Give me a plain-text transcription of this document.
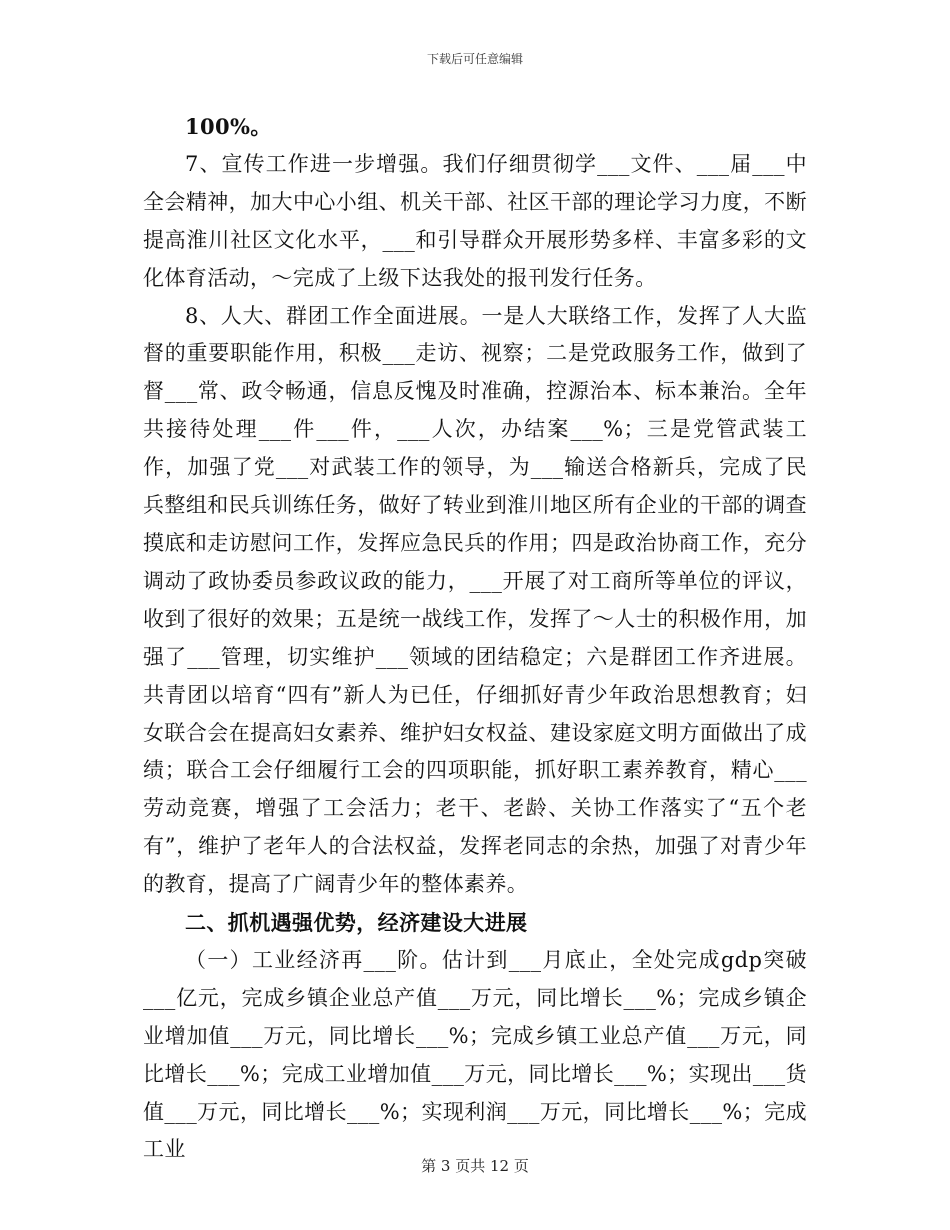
下载后可任意编辑

100%。

7、宣传工作进一步增强。我们仔细贯彻学___文件、___届___中全会精神，加大中心小组、机关干部、社区干部的理论学习力度，不断提高淮川社区文化水平，___和引导群众开展形势多样、丰富多彩的文化体育活动，～完成了上级下达我处的报刊发行任务。

8、人大、群团工作全面进展。一是人大联络工作，发挥了人大监督的重要职能作用，积极___走访、视察；二是党政服务工作，做到了督___常、政令畅通，信息反愧及时准确，控源治本、标本兼治。全年共接待处理___件___件，___人次，办结案___%；三是党管武装工作，加强了党___对武装工作的领导，为___输送合格新兵，完成了民兵整组和民兵训练任务，做好了转业到淮川地区所有企业的干部的调查摸底和走访慰问工作，发挥应急民兵的作用；四是政治协商工作，充分调动了政协委员参政议政的能力，___开展了对工商所等单位的评议，收到了很好的效果；五是统一战线工作，发挥了～人士的积极作用，加强了___管理，切实维护___领域的团结稳定；六是群团工作齐进展。共青团以培育“四有”新人为已任，仔细抓好青少年政治思想教育；妇女联合会在提高妇女素养、维护妇女权益、建设家庭文明方面做出了成绩；联合工会仔细履行工会的四项职能，抓好职工素养教育，精心___劳动竞赛，增强了工会活力；老干、老龄、关协工作落实了“五个老有”，维护了老年人的合法权益，发挥老同志的余热，加强了对青少年的教育，提高了广阔青少年的整体素养。

二、抓机遇强优势，经济建设大进展

（一）工业经济再___阶。估计到___月底止，全处完成gdp突破___亿元，完成乡镇企业总产值___万元，同比增长___%；完成乡镇企业增加值___万元，同比增长___%；完成乡镇工业总产值___万元，同比增长___%；完成工业增加值___万元，同比增长___%；实现出___货值___万元，同比增长___%；实现利润___万元，同比增长___%；完成工业

第 3 页共 12 页
